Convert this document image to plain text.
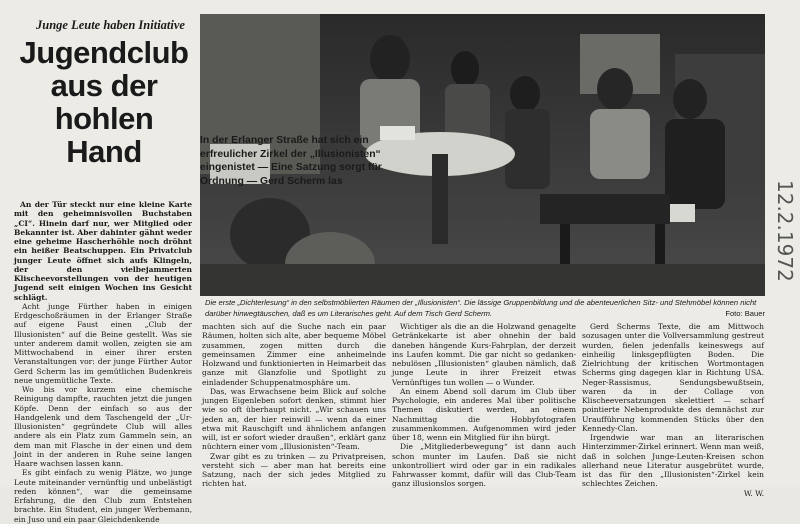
Junge Leute haben Initiative
Jugendclub
aus der
hohlen Hand	In der Erlanger Straße hat sich ein erfreulicher Zirkel der „Illusionisten“ eingenistet — Eine Satzung sorgt für Ordnung — Gerd Scherm las
Die erste „Dichterlesung“ in den selbstmöblierten Räumen der „Illusionisten“. Die lässige Gruppenbildung und die abenteuerlichen Sitz- und Stehmöbel können nicht darüber hinwegtäuschen, daß es um Literarisches geht. Auf dem Tisch Gerd Scherm.	Foto: Bauer

An der Tür steckt nur eine kleine Karte mit den geheimnisvollen Buchstaben „CI“. Hinein darf nur, wer Mitglied oder Bekannter ist. Aber dahinter gähnt weder eine geheime Hascherhöhle noch dröhnt ein heißer Beatschuppen. Ein Privatclub junger Leute öffnet sich aufs Klingeln, der den vielbejammerten Klischeevorstellungen von der heutigen Jugend seit einigen Wochen ins Gesicht schlägt.

Acht junge Fürther haben in einigen Erdgeschoßräumen in der Erlanger Straße auf eigene Faust einen „Club der Illusionisten“ auf die Beine gestellt. Was sie unter anderem damit wollen, zeigten sie am Mittwochabend in einer ihrer ersten Veranstaltungen vor: der junge Fürther Autor Gerd Scherm las im gemütlichen Budenkreis neue ungemütliche Texte.

Wo bis vor kurzem eine chemische Reinigung dampfte, rauchten jetzt die jungen Köpfe. Denn der einfach so aus der Handgelenk und dem Taschengeld der „Ur-Illusionisten“ gegründete Club will alles andere als ein Platz zum Gammeln sein, an dem man mit Flasche in der einen und dem Joint in der anderen in Ruhe seine langen Haare wachsen lassen kann.

Es gibt einfach zu wenig Plätze, wo junge Leute miteinander vernünftig und unbelästigt reden können“, war die gemeinsame Erfahrung, die den Club zum Entstehen brachte. Ein Student, ein junger Werbemann, ein Juso und ein paar Gleichdenkende

machten sich auf die Suche nach ein paar Räumen, holten sich alte, aber bequeme Möbel zusammen, zogen mitten durch die gemeinsamen Zimmer eine anheimelnde Holzwand und funktionierten in Heimarbeit das ganze mit Glanzfolie und Spotlight zu einladender Schuppenatmosphäre um.

Das, was Erwachsene beim Blick auf solche jungen Eigenleben sofort denken, stimmt hier wie so oft überhaupt nicht. „Wir schauen uns jeden an, der hier reinwill — wenn da einer etwa mit Rauschgift und ähnlichem anfangen will, ist er sofort wieder draußen“, erklärt ganz nüchtern einer vom „Illusionisten“-Team.

Zwar gibt es zu trinken — zu Privatpreisen, versteht sich — aber man hat bereits eine Satzung, nach der sich jedes Mitglied zu richten hat.

Wichtiger als die an die Holzwand genagelte Getränkekarte ist aber ohnehin der bald daneben hängende Kurs-Fahrplan, der derzeit ins Laufen kommt. Die gar nicht so gedanken-nebulösen „Illusionisten“ glauben nämlich, daß junge Leute in ihrer Freizeit etwas Vernünftiges tun wollen — o Wunder.

An einem Abend soll darum im Club über Psychologie, ein anderes Mal über politische Themen diskutiert werden, an einem Nachmittag die Hobbyfotografen zusammenkommen. Aufgenommen wird jeder über 18, wenn ein Mitglied für ihn bürgt.

Die „Mitgliederbewegung“ ist dann auch schon munter im Laufen. Daß sie nicht unkontrolliert wird oder gar in ein radikales Fahrwasser kommt, dafür will das Club-Team ganz illusionslos sorgen.

Gerd Scherms Texte, die am Mittwoch sozusagen unter die Vollversammlung gestreut wurden, fielen jedenfalls keineswegs auf einheilig linksgepflügten Boden. Die Zielrichtung der kritischen Wortmontagen Scherms ging dagegen klar in Richtung USA. Neger-Rassismus, Sendungsbewußtsein, waren da in der Collage von Klischeeversatzungen skelettiert — scharf pointierte Nebenprodukte des demnächst zur Uraufführung kommenden Stücks über den Kennedy-Clan.

Irgendwie war man an literarischen Hinterzimmer-Zirkel erinnert. Wenn man weiß, daß in solchen Junge-Leuten-Kreisen schon allerhand neue Literatur ausgebrütet wurde, ist das für den „Illusionisten“-Zirkel kein schlechtes Zeichen.

W. W.

12.2.1972
